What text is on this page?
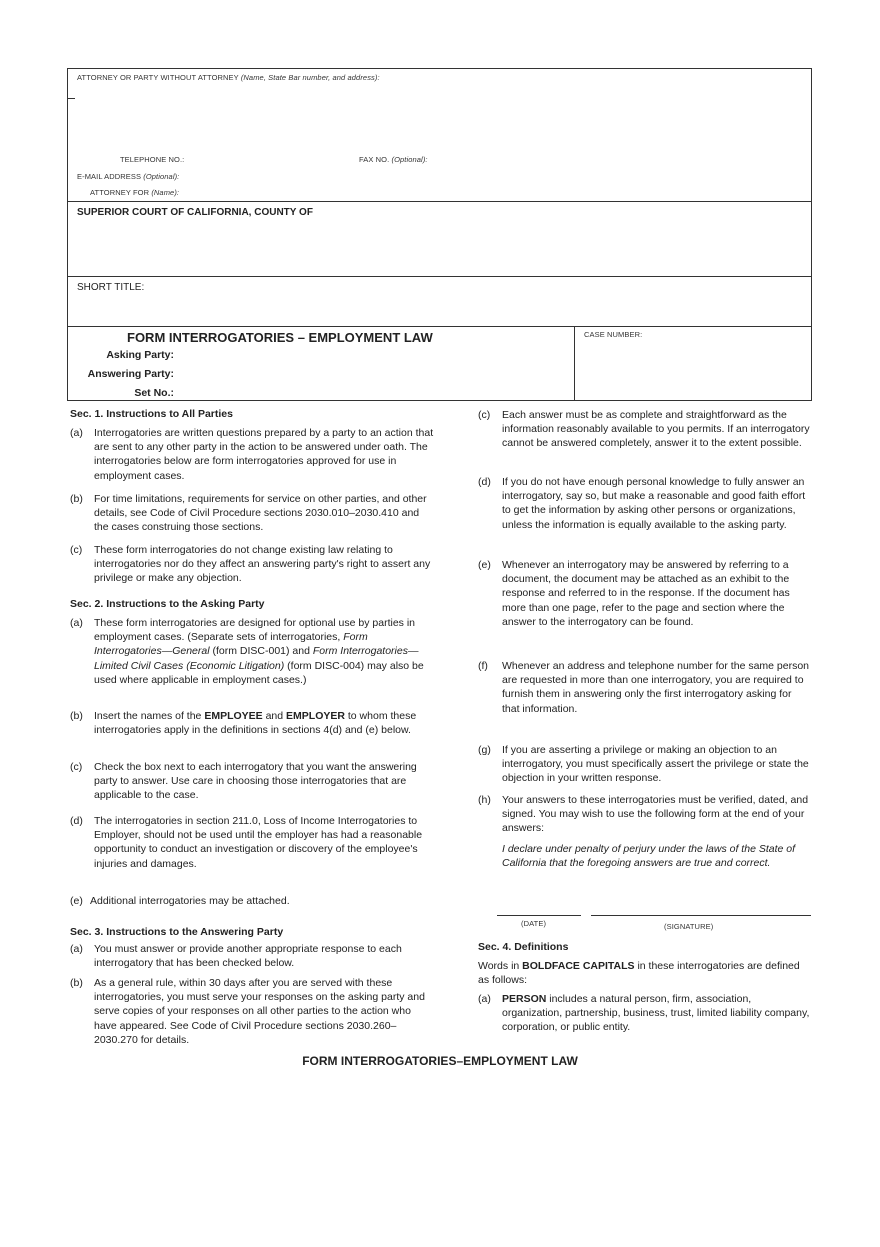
ATTORNEY OR PARTY WITHOUT ATTORNEY (Name, State Bar number, and address):
TELEPHONE NO.:	FAX NO. (Optional):
E-MAIL ADDRESS (Optional):
ATTORNEY FOR (Name):
SUPERIOR COURT OF CALIFORNIA, COUNTY OF
SHORT TITLE:
FORM INTERROGATORIES – EMPLOYMENT LAW	CASE NUMBER:
Asking Party:
Answering Party:
Set No.:
Sec. 1. Instructions to All Parties
(a)	Interrogatories are written questions prepared by a party to an action that are sent to any other party in the action to be answered under oath. The interrogatories below are form interrogatories approved for use in employment cases.
(b)	For time limitations, requirements for service on other parties, and other details, see Code of Civil Procedure sections 2030.010–2030.410 and the cases construing those sections.
(c)	These form interrogatories do not change existing law relating to interrogatories nor do they affect an answering party's right to assert any privilege or make any objection.
Sec. 2. Instructions to the Asking Party
(a)	These form interrogatories are designed for optional use by parties in employment cases. (Separate sets of interrogatories, Form Interrogatories—General (form DISC-001) and Form Interrogatories—Limited Civil Cases (Economic Litigation) (form DISC-004) may also be used where applicable in employment cases.)
(b)	Insert the names of the EMPLOYEE and EMPLOYER to whom these interrogatories apply in the definitions in sections 4(d) and (e) below.
(c)	Check the box next to each interrogatory that you want the answering party to answer. Use care in choosing those interrogatories that are applicable to the case.
(d)	The interrogatories in section 211.0, Loss of Income Interrogatories to Employer, should not be used until the employer has had a reasonable opportunity to conduct an investigation or discovery of the employee's injuries and damages.
(e) Additional interrogatories may be attached.
Sec. 3. Instructions to the Answering Party
(a)	You must answer or provide another appropriate response to each interrogatory that has been checked below.
(b)	As a general rule, within 30 days after you are served with these interrogatories, you must serve your responses on the asking party and serve copies of your responses on all other parties to the action who have appeared. See Code of Civil Procedure sections 2030.260–2030.270 for details.
(c)	Each answer must be as complete and straightforward as the information reasonably available to you permits. If an interrogatory cannot be answered completely, answer it to the extent possible.
(d)	If you do not have enough personal knowledge to fully answer an interrogatory, say so, but make a reasonable and good faith effort to get the information by asking other persons or organizations, unless the information is equally available to the asking party.
(e)	Whenever an interrogatory may be answered by referring to a document, the document may be attached as an exhibit to the response and referred to in the response. If the document has more than one page, refer to the page and section where the answer to the interrogatory can be found.
(f)	Whenever an address and telephone number for the same person are requested in more than one interrogatory, you are required to furnish them in answering only the first interrogatory asking for that information.
(g)	If you are asserting a privilege or making an objection to an interrogatory, you must specifically assert the privilege or state the objection in your written response.
(h)	Your answers to these interrogatories must be verified, dated, and signed. You may wish to use the following form at the end of your answers:
I declare under penalty of perjury under the laws of the State of California that the foregoing answers are true and correct.
(DATE)	(SIGNATURE)
Sec. 4. Definitions
Words in BOLDFACE CAPITALS in these interrogatories are defined as follows:
(a)	PERSON includes a natural person, firm, association, organization, partnership, business, trust, limited liability company, corporation, or public entity.
FORM INTERROGATORIES–EMPLOYMENT LAW
